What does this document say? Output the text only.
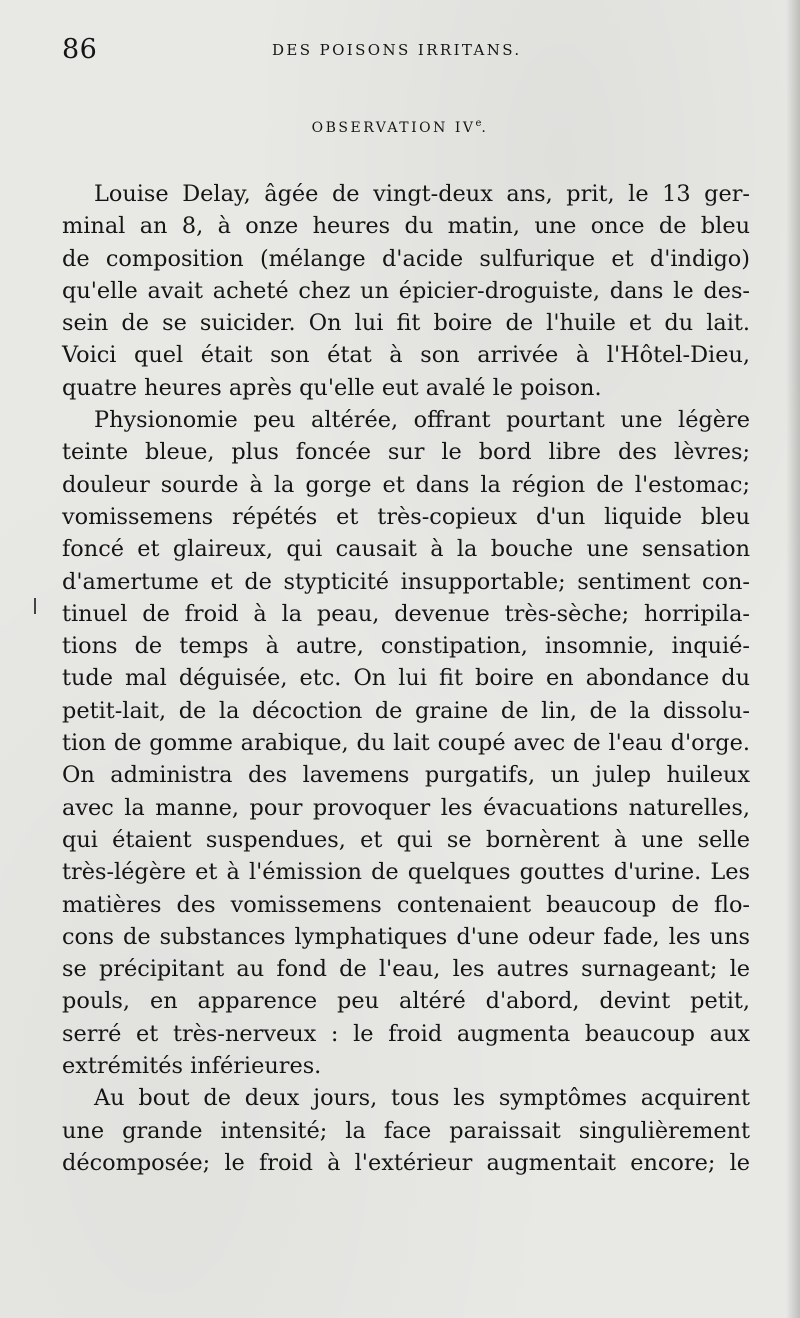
86	DES POISONS IRRITANS.
OBSERVATION IVe.
Louise Delay, âgée de vingt-deux ans, prit, le 13 ger-
minal an 8, à onze heures du matin, une once de bleu
de composition (mélange d'acide sulfurique et d'indigo)
qu'elle avait acheté chez un épicier-droguiste, dans le des-
sein de se suicider. On lui fit boire de l'huile et du lait.
Voici quel était son état à son arrivée à l'Hôtel-Dieu,
quatre heures après qu'elle eut avalé le poison.
Physionomie peu altérée, offrant pourtant une légère
teinte bleue, plus foncée sur le bord libre des lèvres;
douleur sourde à la gorge et dans la région de l'estomac;
vomissemens répétés et très-copieux d'un liquide bleu
foncé et glaireux, qui causait à la bouche une sensation
d'amertume et de stypticité insupportable; sentiment con-
tinuel de froid à la peau, devenue très-sèche; horripila-
tions de temps à autre, constipation, insomnie, inquié-
tude mal déguisée, etc. On lui fit boire en abondance du
petit-lait, de la décoction de graine de lin, de la dissolu-
tion de gomme arabique, du lait coupé avec de l'eau d'orge.
On administra des lavemens purgatifs, un julep huileux
avec la manne, pour provoquer les évacuations naturelles,
qui étaient suspendues, et qui se bornèrent à une selle
très-légère et à l'émission de quelques gouttes d'urine. Les
matières des vomissemens contenaient beaucoup de flo-
cons de substances lymphatiques d'une odeur fade, les uns
se précipitant au fond de l'eau, les autres surnageant; le
pouls, en apparence peu altéré d'abord, devint petit,
serré et très-nerveux : le froid augmenta beaucoup aux
extrémités inférieures.
Au bout de deux jours, tous les symptômes acquirent
une grande intensité; la face paraissait singulièrement
décomposée; le froid à l'extérieur augmentait encore; le
